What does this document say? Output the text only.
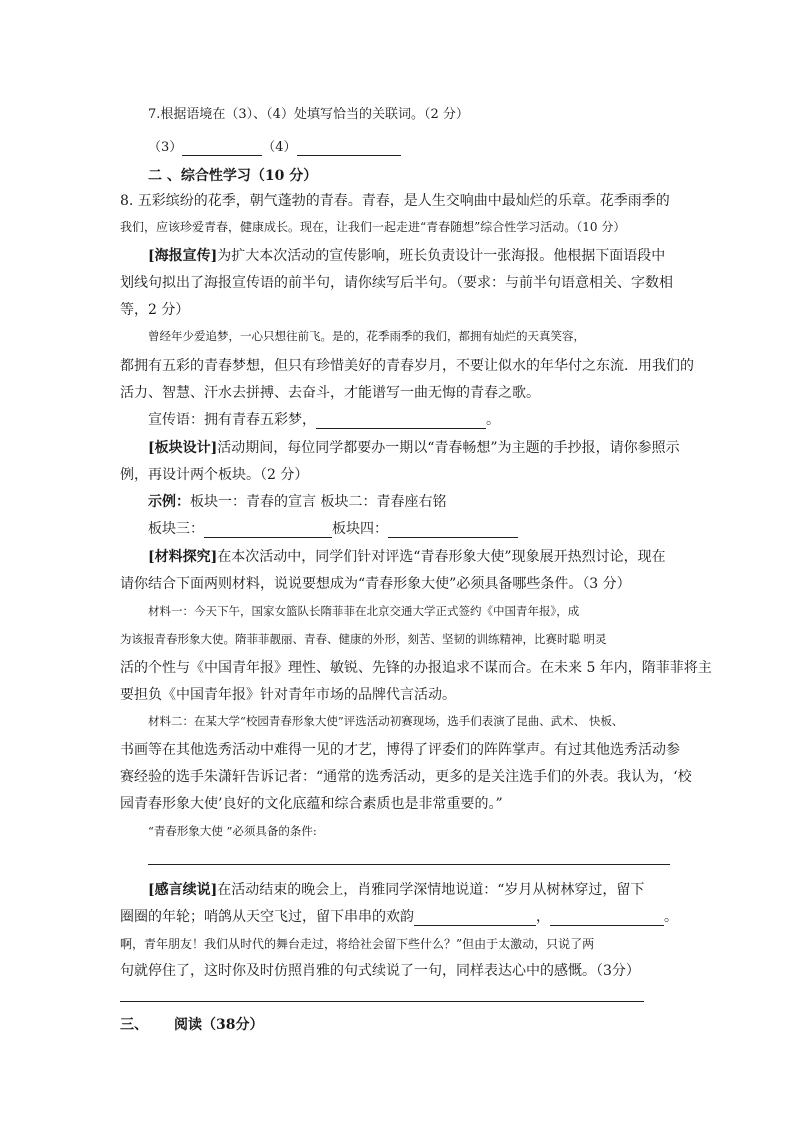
7.根据语境在（3）、（4）处填写恰当的关联词。（2 分）
（3）	（4）
二 、综合性学习（10 分）
8. 五彩缤纷的花季，朝气蓬勃的青春。青春，是人生交响曲中最灿烂的乐章。花季雨季的
我们，应该珍爱青春，健康成长。现在，让我们一起走进“青春随想”综合性学习活动。（10 分）
[海报宣传]为扩大本次活动的宣传影响，班长负责设计一张海报。他根据下面语段中
划线句拟出了海报宣传语的前半句，请你续写后半句。（要求：与前半句语意相关、字数相
等，2 分）
曾经年少爱追梦，一心只想往前飞。是的，花季雨季的我们，都拥有灿烂的天真笑容，
都拥有五彩的青春梦想，但只有珍惜美好的青春岁月，不要让似水的年华付之东流．用我们的
活力、智慧、汗水去拼搏、去奋斗，才能谱写一曲无悔的青春之歌。
宣传语：拥有青春五彩梦，	。
[板块设计]活动期间，每位同学都要办一期以“青春畅想”为主题的手抄报，请你参照示
例，再设计两个板块。（2 分）
示例：板块一：青春的宣言 板块二：青春座右铭
板块三：	板块四：
[材料探究]在本次活动中，同学们针对评选“青春形象大使”现象展开热烈讨论，现在
请你结合下面两则材料，说说要想成为“青春形象大使”必须具备哪些条件。（3 分）
材料一：今天下午，国家女篮队长隋菲菲在北京交通大学正式签约《中国青年报》，成
为该报青春形象大使。隋菲菲靓丽、青春、健康的外形，刻苦、坚韧的训练精神，比赛时聪 明灵
活的个性与《中国青年报》理性、敏锐、先锋的办报追求不谋而合。在未来 5 年内，隋菲菲将主
要担负《中国青年报》针对青年市场的品牌代言活动。
材料二：在某大学“校园青春形象大使”评选活动初赛现场，选手们表演了昆曲、武术、 快板、
书画等在其他选秀活动中难得一见的才艺，博得了评委们的阵阵掌声。有过其他选秀活动参
赛经验的选手朱潇轩告诉记者：“通常的选秀活动，更多的是关注选手们的外表。我认为，‘校
园青春形象大使’良好的文化底蕴和综合素质也是非常重要的。”
“青春形象大使 ”必须具备的条件:
[感言续说]在活动结束的晚会上，肖雅同学深情地说道：“岁月从树林穿过，留下
圈圈的年轮；哨鸽从天空飞过，留下串串的欢韵	，	。
啊，青年朋友！我们从时代的舞台走过，将给社会留下些什么？”但由于太激动，只说了两
句就停住了，这时你及时仿照肖雅的句式续说了一句，同样表达心中的感慨。（3分）
三、 阅读（38分）
